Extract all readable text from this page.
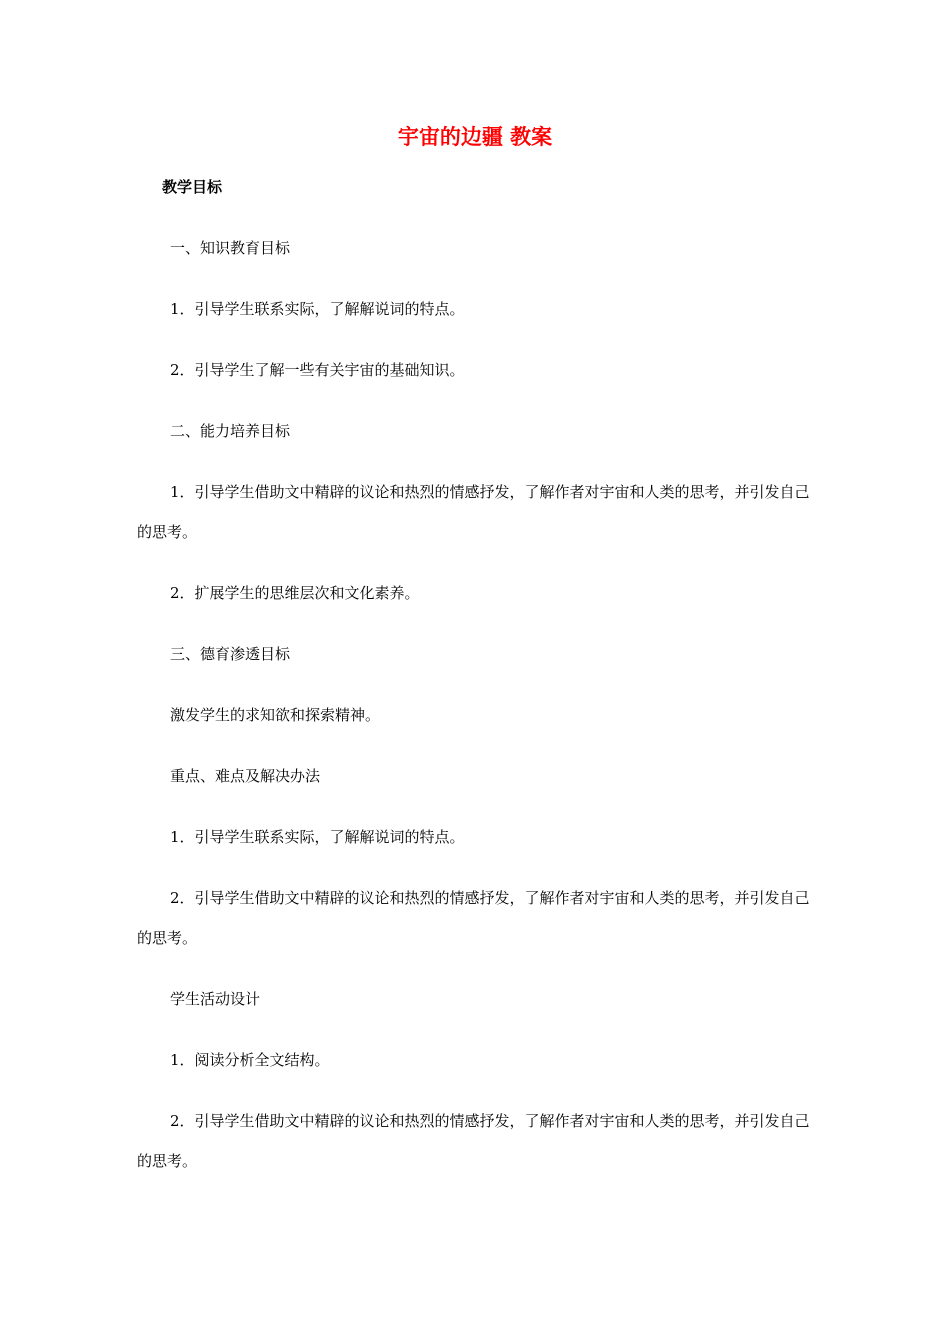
宇宙的边疆 教案
教学目标
一、知识教育目标
1．引导学生联系实际，了解解说词的特点。
2．引导学生了解一些有关宇宙的基础知识。
二、能力培养目标
1．引导学生借助文中精辟的议论和热烈的情感抒发，了解作者对宇宙和人类的思考，并引发自己的思考。
2．扩展学生的思维层次和文化素养。
三、德育渗透目标
激发学生的求知欲和探索精神。
重点、难点及解决办法
1．引导学生联系实际，了解解说词的特点。
2．引导学生借助文中精辟的议论和热烈的情感抒发，了解作者对宇宙和人类的思考，并引发自己的思考。
学生活动设计
1．阅读分析全文结构。
2．引导学生借助文中精辟的议论和热烈的情感抒发，了解作者对宇宙和人类的思考，并引发自己的思考。
